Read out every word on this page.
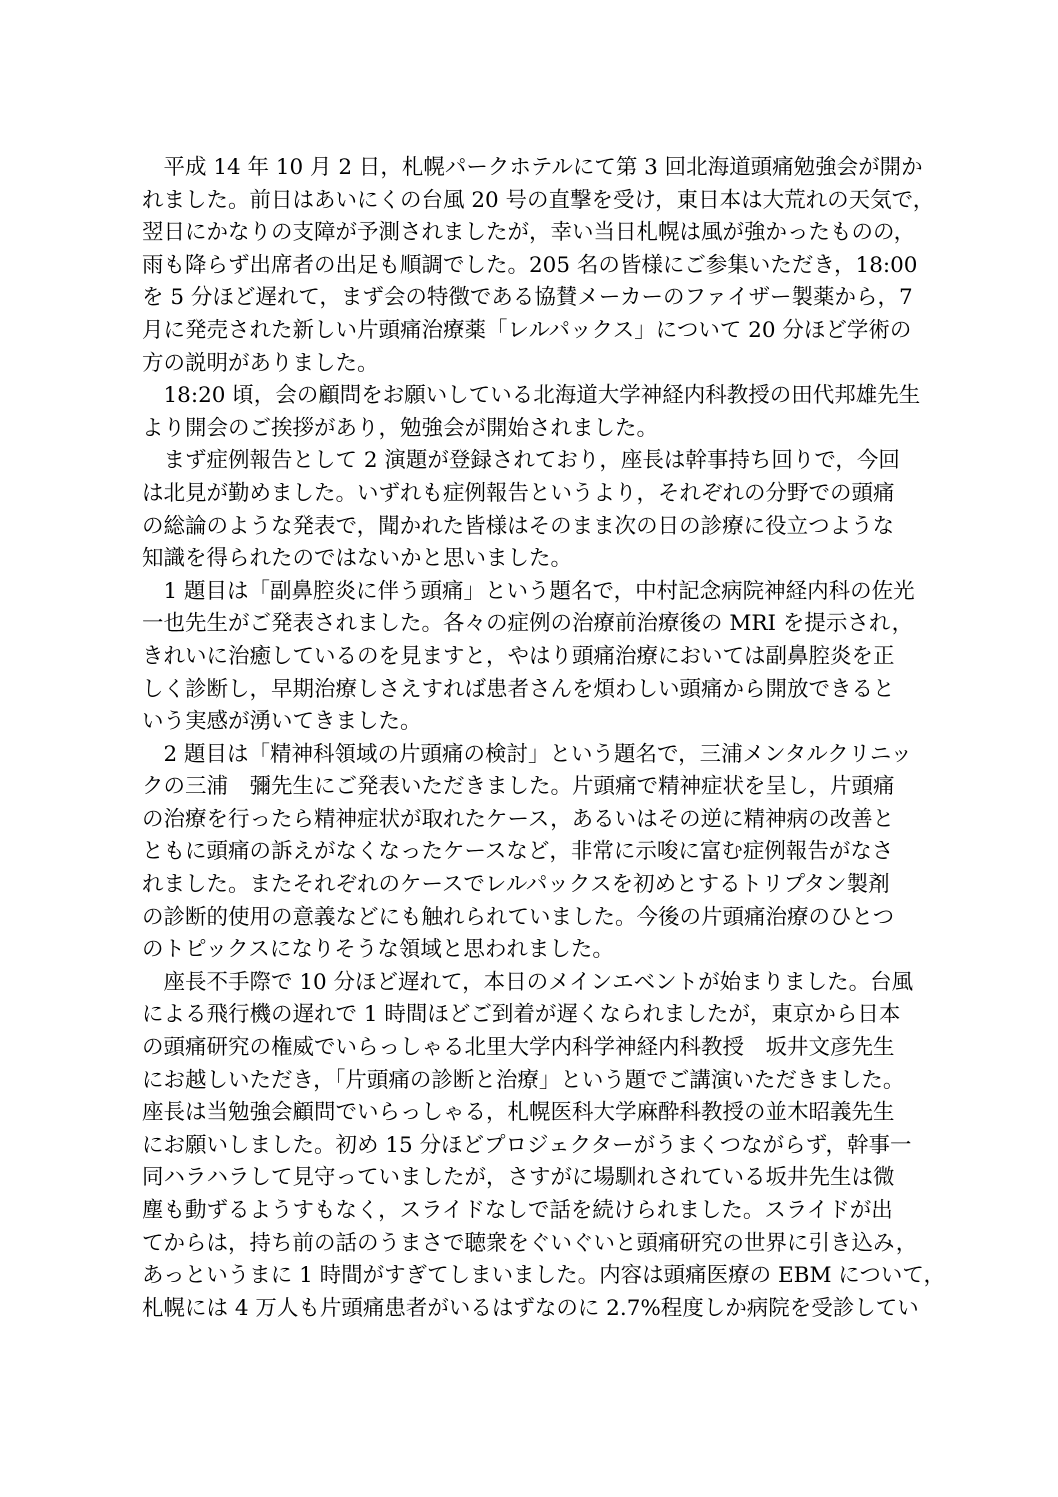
　平成 14 年 10 月 2 日，札幌パークホテルにて第 3 回北海道頭痛勉強会が開か
れました。前日はあいにくの台風 20 号の直撃を受け，東日本は大荒れの天気で，
翌日にかなりの支障が予測されましたが，幸い当日札幌は風が強かったものの，
雨も降らず出席者の出足も順調でした。205 名の皆様にご参集いただき，18:00
を 5 分ほど遅れて，まず会の特徴である協賛メーカーのファイザー製薬から，7
月に発売された新しい片頭痛治療薬「レルパックス」について 20 分ほど学術の
方の説明がありました。
　18:20 頃，会の顧問をお願いしている北海道大学神経内科教授の田代邦雄先生
より開会のご挨拶があり，勉強会が開始されました。
　まず症例報告として 2 演題が登録されており，座長は幹事持ち回りで，今回
は北見が勤めました。いずれも症例報告というより，それぞれの分野での頭痛
の総論のような発表で，聞かれた皆様はそのまま次の日の診療に役立つような
知識を得られたのではないかと思いました。
　1 題目は「副鼻腔炎に伴う頭痛」という題名で，中村記念病院神経内科の佐光
一也先生がご発表されました。各々の症例の治療前治療後の MRI を提示され，
きれいに治癒しているのを見ますと，やはり頭痛治療においては副鼻腔炎を正
しく診断し，早期治療しさえすれば患者さんを煩わしい頭痛から開放できると
いう実感が湧いてきました。
　2 題目は「精神科領域の片頭痛の検討」という題名で，三浦メンタルクリニッ
クの三浦　彌先生にご発表いただきました。片頭痛で精神症状を呈し，片頭痛
の治療を行ったら精神症状が取れたケース，あるいはその逆に精神病の改善と
ともに頭痛の訴えがなくなったケースなど，非常に示唆に富む症例報告がなさ
れました。またそれぞれのケースでレルパックスを初めとするトリプタン製剤
の診断的使用の意義などにも触れられていました。今後の片頭痛治療のひとつ
のトピックスになりそうな領域と思われました。
　座長不手際で 10 分ほど遅れて，本日のメインエベントが始まりました。台風
による飛行機の遅れで 1 時間ほどご到着が遅くなられましたが，東京から日本
の頭痛研究の権威でいらっしゃる北里大学内科学神経内科教授　坂井文彦先生
にお越しいただき，「片頭痛の診断と治療」という題でご講演いただきました。
座長は当勉強会顧問でいらっしゃる，札幌医科大学麻酔科教授の並木昭義先生
にお願いしました。初め 15 分ほどプロジェクターがうまくつながらず，幹事一
同ハラハラして見守っていましたが，さすがに場馴れされている坂井先生は微
塵も動ずるようすもなく，スライドなしで話を続けられました。スライドが出
てからは，持ち前の話のうまさで聴衆をぐいぐいと頭痛研究の世界に引き込み，
あっというまに 1 時間がすぎてしまいました。内容は頭痛医療の EBM について，
札幌には 4 万人も片頭痛患者がいるはずなのに 2.7%程度しか病院を受診してい
